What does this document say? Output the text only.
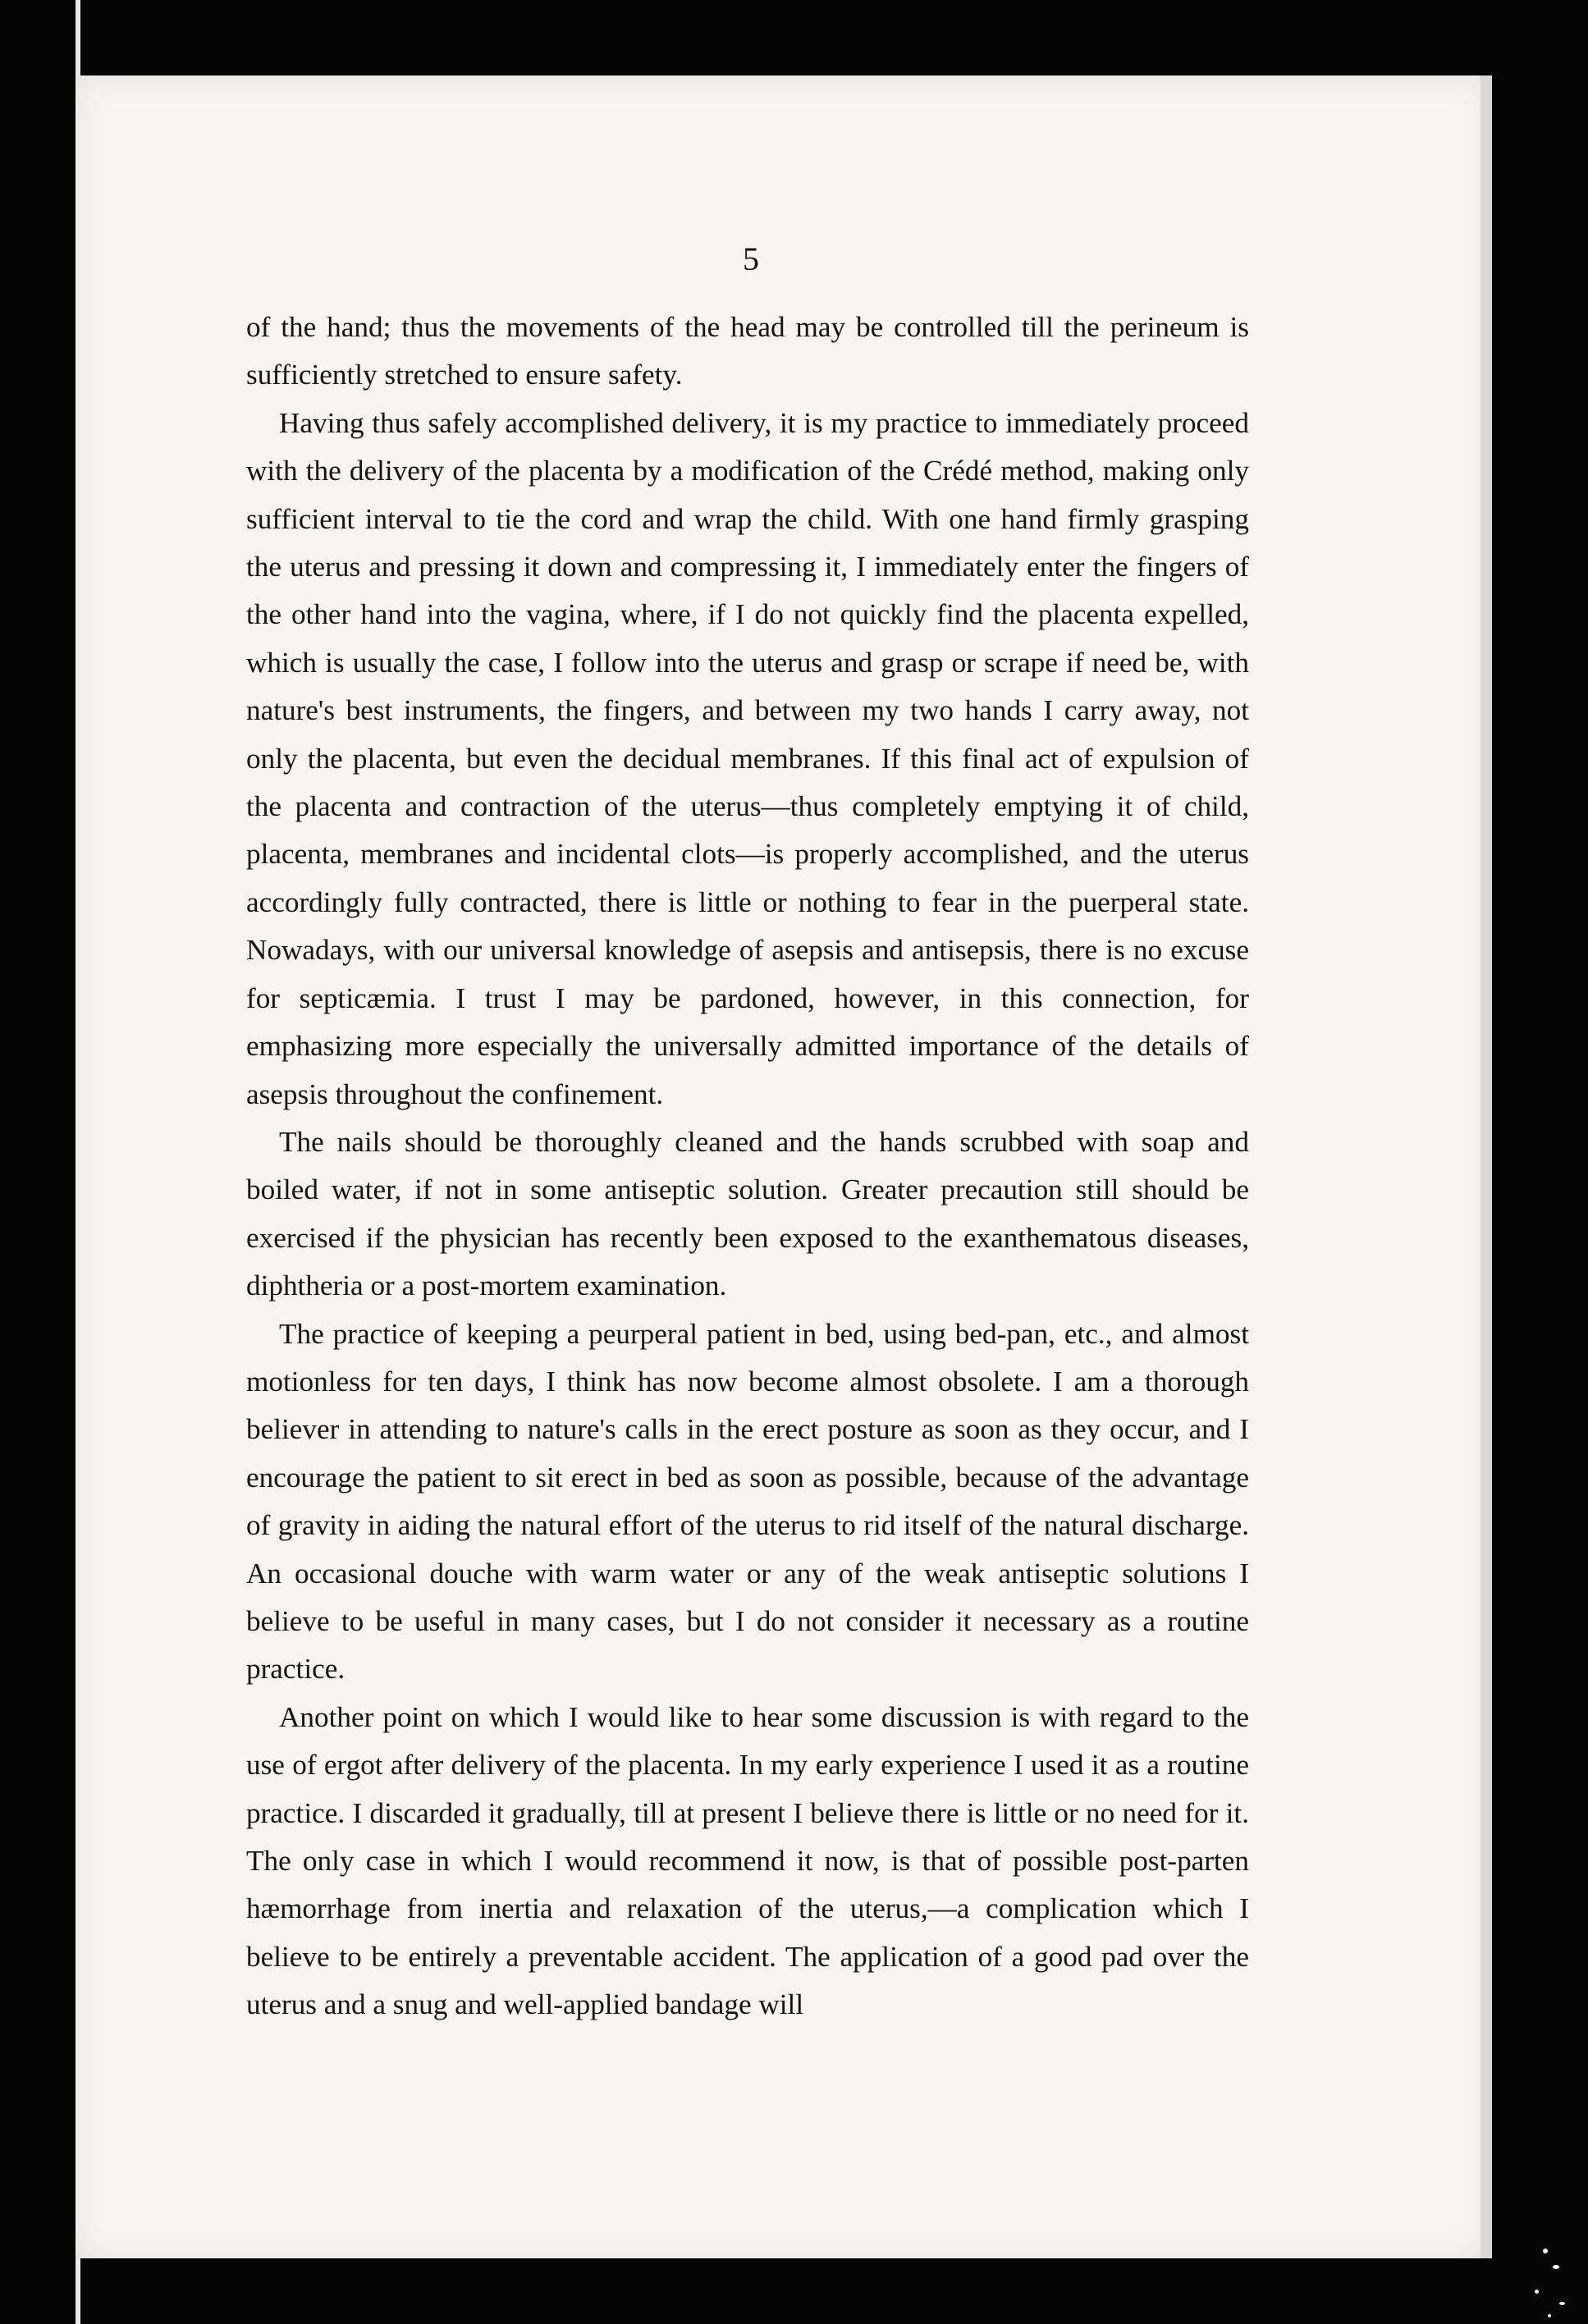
5

of the hand; thus the movements of the head may be controlled till the perineum is sufficiently stretched to ensure safety.

Having thus safely accomplished delivery, it is my practice to immediately proceed with the delivery of the placenta by a modification of the Crédé method, making only sufficient interval to tie the cord and wrap the child. With one hand firmly grasping the uterus and pressing it down and compressing it, I immediately enter the fingers of the other hand into the vagina, where, if I do not quickly find the placenta expelled, which is usually the case, I follow into the uterus and grasp or scrape if need be, with nature's best instruments, the fingers, and between my two hands I carry away, not only the placenta, but even the decidual membranes. If this final act of expulsion of the placenta and contraction of the uterus—thus completely emptying it of child, placenta, membranes and incidental clots—is properly accomplished, and the uterus accordingly fully contracted, there is little or nothing to fear in the puerperal state. Nowadays, with our universal knowledge of asepsis and antisepsis, there is no excuse for septicæmia. I trust I may be pardoned, however, in this connection, for emphasizing more especially the universally admitted importance of the details of asepsis throughout the confinement.

The nails should be thoroughly cleaned and the hands scrubbed with soap and boiled water, if not in some antiseptic solution. Greater precaution still should be exercised if the physician has recently been exposed to the exanthematous diseases, diphtheria or a post-mortem examination.

The practice of keeping a peurperal patient in bed, using bed-pan, etc., and almost motionless for ten days, I think has now become almost obsolete. I am a thorough believer in attending to nature's calls in the erect posture as soon as they occur, and I encourage the patient to sit erect in bed as soon as possible, because of the advantage of gravity in aiding the natural effort of the uterus to rid itself of the natural discharge. An occasional douche with warm water or any of the weak antiseptic solutions I believe to be useful in many cases, but I do not consider it necessary as a routine practice.

Another point on which I would like to hear some discussion is with regard to the use of ergot after delivery of the placenta. In my early experience I used it as a routine practice. I discarded it gradually, till at present I believe there is little or no need for it. The only case in which I would recommend it now, is that of possible post-parten hæmorrhage from inertia and relaxation of the uterus,—a complication which I believe to be entirely a preventable accident. The application of a good pad over the uterus and a snug and well-applied bandage will
